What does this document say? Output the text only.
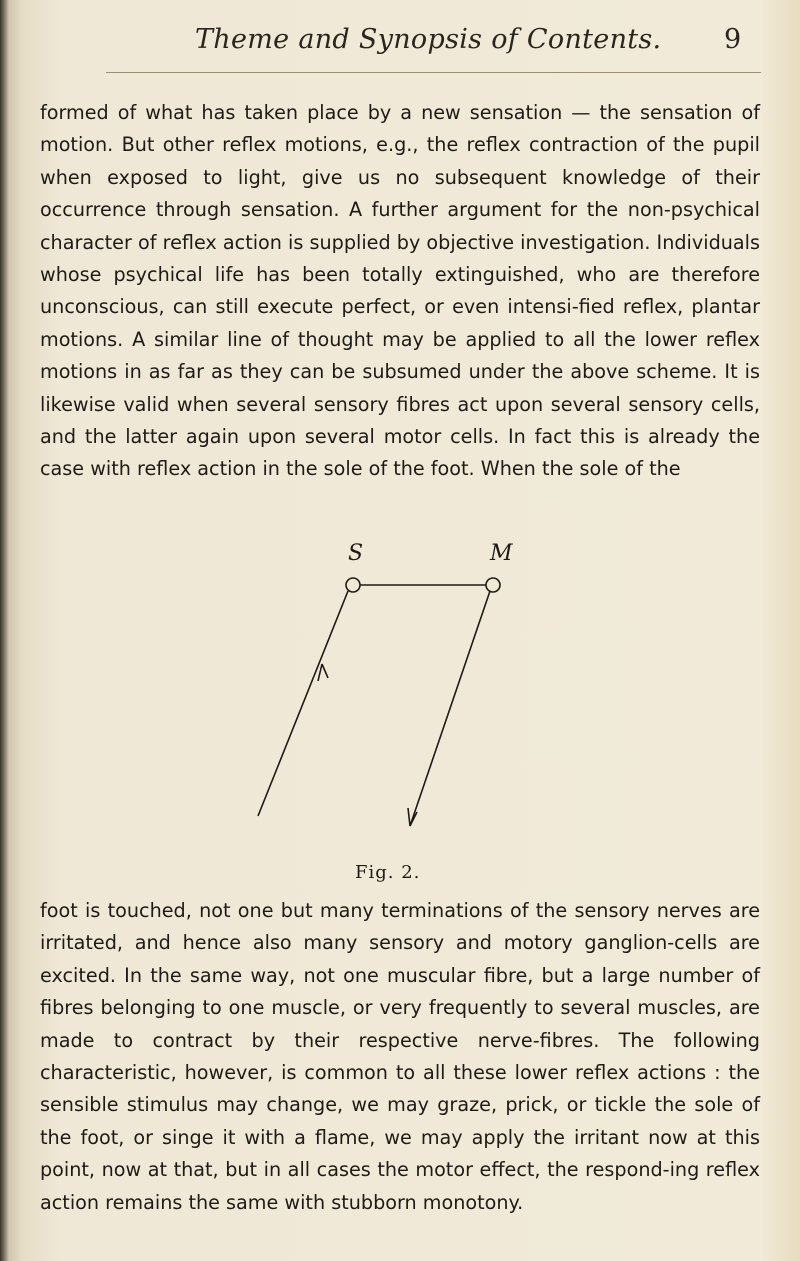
Theme and Synopsis of Contents. 9

formed of what has taken place by a new sensation — the sensation of motion. But other reflex motions, e.g., the reflex contraction of the pupil when exposed to light, give us no subsequent knowledge of their occurrence through sensation. A further argument for the non-psychical character of reflex action is supplied by objective investigation. Individuals whose psychical life has been totally extinguished, who are therefore unconscious, can still execute perfect, or even intensi-fied reflex, plantar motions. A similar line of thought may be applied to all the lower reflex motions in as far as they can be subsumed under the above scheme. It is likewise valid when several sensory fibres act upon several sensory cells, and the latter again upon several motor cells. In fact this is already the case with reflex action in the sole of the foot. When the sole of the

S	M
Fig. 2.

foot is touched, not one but many terminations of the sensory nerves are irritated, and hence also many sensory and motory ganglion-cells are excited. In the same way, not one muscular fibre, but a large number of fibres belonging to one muscle, or very frequently to several muscles, are made to contract by their respective nerve-fibres. The following characteristic, however, is common to all these lower reflex actions : the sensible stimulus may change, we may graze, prick, or tickle the sole of the foot, or singe it with a flame, we may apply the irritant now at this point, now at that, but in all cases the motor effect, the respond-ing reflex action remains the same with stubborn monotony.
